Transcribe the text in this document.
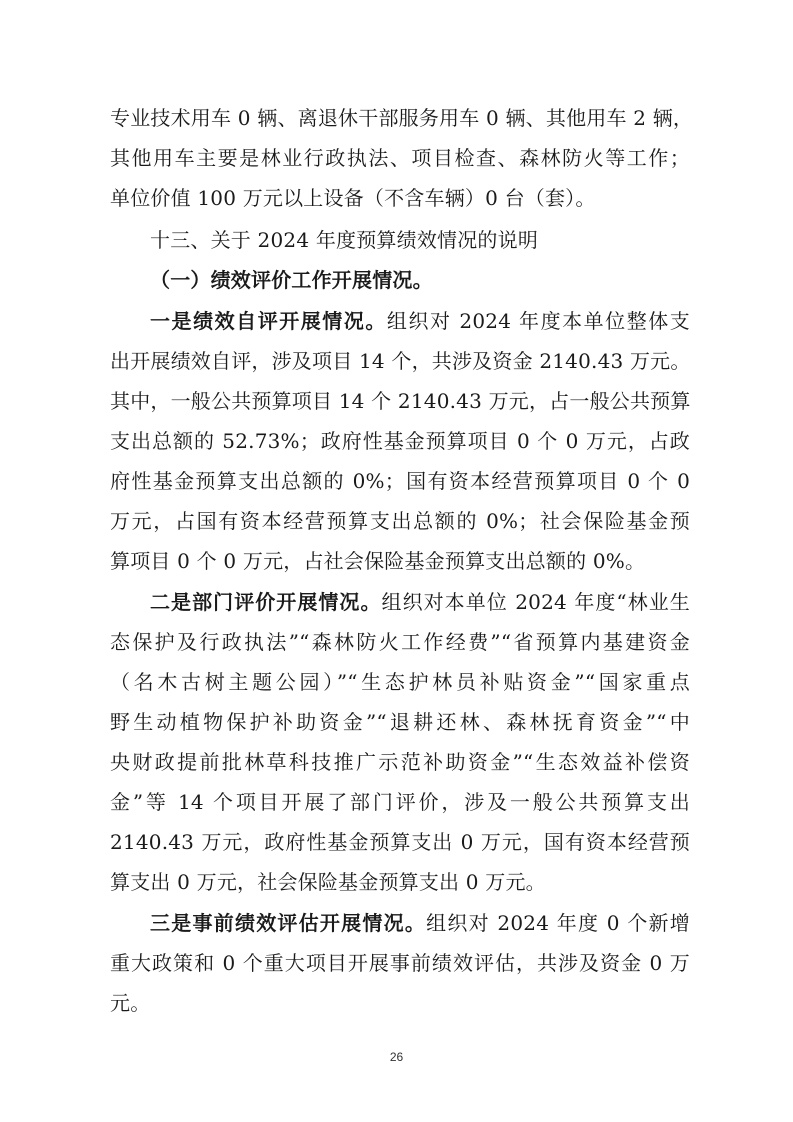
专业技术用车 0 辆、离退休干部服务用车 0 辆、其他用车 2 辆，
其他用车主要是林业行政执法、项目检查、森林防火等工作；
单位价值 100 万元以上设备（不含车辆）0 台（套）。
十三、关于 2024 年度预算绩效情况的说明
（一）绩效评价工作开展情况。
一是绩效自评开展情况。组织对 2024 年度本单位整体支
出开展绩效自评，涉及项目 14 个，共涉及资金 2140.43 万元。
其中，一般公共预算项目 14 个 2140.43 万元，占一般公共预算
支出总额的 52.73%；政府性基金预算项目 0 个 0 万元，占政
府性基金预算支出总额的 0%；国有资本经营预算项目 0 个 0
万元，占国有资本经营预算支出总额的 0%；社会保险基金预
算项目 0 个 0 万元，占社会保险基金预算支出总额的 0%。
二是部门评价开展情况。组织对本单位 2024 年度“林业生
态保护及行政执法”“森林防火工作经费”“省预算内基建资金
（名木古树主题公园）”“生态护林员补贴资金”“国家重点
野生动植物保护补助资金”“退耕还林、森林抚育资金”“中
央财政提前批林草科技推广示范补助资金”“生态效益补偿资
金”等 14 个项目开展了部门评价，涉及一般公共预算支出
2140.43 万元，政府性基金预算支出 0 万元，国有资本经营预
算支出 0 万元，社会保险基金预算支出 0 万元。
三是事前绩效评估开展情况。组织对 2024 年度 0 个新增
重大政策和 0 个重大项目开展事前绩效评估，共涉及资金 0 万
元。
26
